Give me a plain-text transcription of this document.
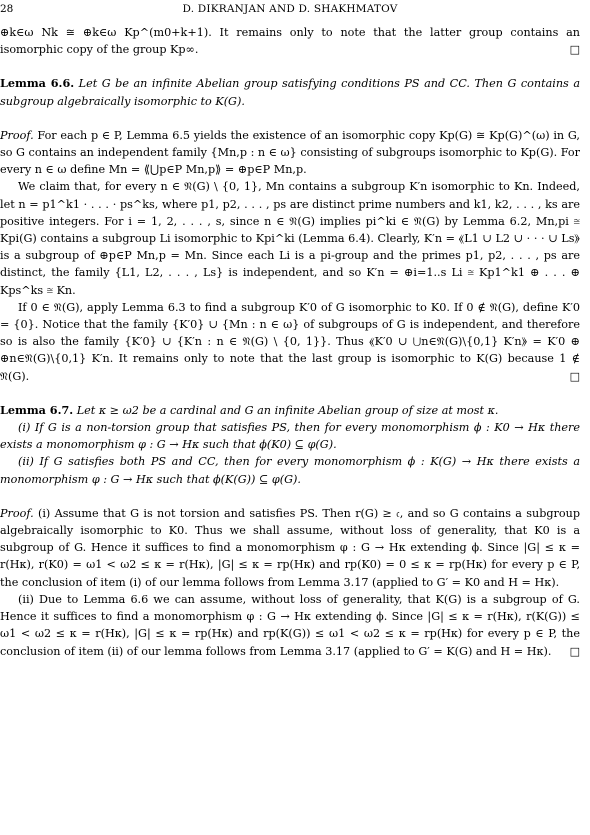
28	D. DIKRANJAN AND D. SHAKHMATOV

⊕k∈ω Nk ≅ ⊕k∈ω Kp^(m0+k+1). It remains only to note that the latter group contains an isomorphic copy of the group Kp∞.	□

Lemma 6.6. Let G be an infinite Abelian group satisfying conditions PS and CC. Then G contains a subgroup algebraically isomorphic to K(G).

Proof. For each p ∈ P, Lemma 6.5 yields the existence of an isomorphic copy Kp(G) ≅ Kp(G)^(ω) in G, so G contains an independent family {Mn,p : n ∈ ω} consisting of subgroups isomorphic to Kp(G). For every n ∈ ω define Mn = ⟪⋃p∈P Mn,p⟫ = ⊕p∈P Mn,p.

We claim that, for every n ∈ 𝔑(G) \ {0, 1}, Mn contains a subgroup K′n isomorphic to Kn. Indeed, let n = p1^k1 · . . . · ps^ks, where p1, p2, . . . , ps are distinct prime numbers and k1, k2, . . . , ks are positive integers. For i = 1, 2, . . . , s, since n ∈ 𝔑(G) implies pi^ki ∈ 𝔑(G) by Lemma 6.2, Mn,pi ≅ Kpi(G) contains a subgroup Li isomorphic to Kpi^ki (Lemma 6.4). Clearly, K′n = ⟪L1 ∪ L2 ∪ · · · ∪ Ls⟫ is a subgroup of ⊕p∈P Mn,p = Mn. Since each Li is a pi-group and the primes p1, p2, . . . , ps are distinct, the family {L1, L2, . . . , Ls} is independent, and so K′n = ⊕i=1..s Li ≅ Kp1^k1 ⊕ . . . ⊕ Kps^ks ≅ Kn.

If 0 ∈ 𝔑(G), apply Lemma 6.3 to find a subgroup K′0 of G isomorphic to K0. If 0 ∉ 𝔑(G), define K′0 = {0}. Notice that the family {K′0} ∪ {Mn : n ∈ ω} of subgroups of G is independent, and therefore so is also the family {K′0} ∪ {K′n : n ∈ 𝔑(G) \ {0, 1}}. Thus ⟪K′0 ∪ ⋃n∈𝔑(G)\{0,1} K′n⟫ = K′0 ⊕ ⊕n∈𝔑(G)\{0,1} K′n. It remains only to note that the last group is isomorphic to K(G) because 1 ∉ 𝔑(G).	□

Lemma 6.7. Let κ ≥ ω2 be a cardinal and G an infinite Abelian group of size at most κ.

(i) If G is a non-torsion group that satisfies PS, then for every monomorphism ϕ : K0 → Hκ there exists a monomorphism φ : G → Hκ such that ϕ(K0) ⊆ φ(G).

(ii) If G satisfies both PS and CC, then for every monomorphism ϕ : K(G) → Hκ there exists a monomorphism φ : G → Hκ such that ϕ(K(G)) ⊆ φ(G).

Proof. (i) Assume that G is not torsion and satisfies PS. Then r(G) ≥ 𝔠, and so G contains a subgroup algebraically isomorphic to K0. Thus we shall assume, without loss of generality, that K0 is a subgroup of G. Hence it suffices to find a monomorphism φ : G → Hκ extending ϕ. Since |G| ≤ κ = r(Hκ), r(K0) = ω1 < ω2 ≤ κ = r(Hκ), |G| ≤ κ = rp(Hκ) and rp(K0) = 0 ≤ κ = rp(Hκ) for every p ∈ P, the conclusion of item (i) of our lemma follows from Lemma 3.17 (applied to G′ = K0 and H = Hκ).

(ii) Due to Lemma 6.6 we can assume, without loss of generality, that K(G) is a subgroup of G. Hence it suffices to find a monomorphism φ : G → Hκ extending ϕ. Since |G| ≤ κ = r(Hκ), r(K(G)) ≤ ω1 < ω2 ≤ κ = r(Hκ), |G| ≤ κ = rp(Hκ) and rp(K(G)) ≤ ω1 < ω2 ≤ κ = rp(Hκ) for every p ∈ P, the conclusion of item (ii) of our lemma follows from Lemma 3.17 (applied to G′ = K(G) and H = Hκ).	□
